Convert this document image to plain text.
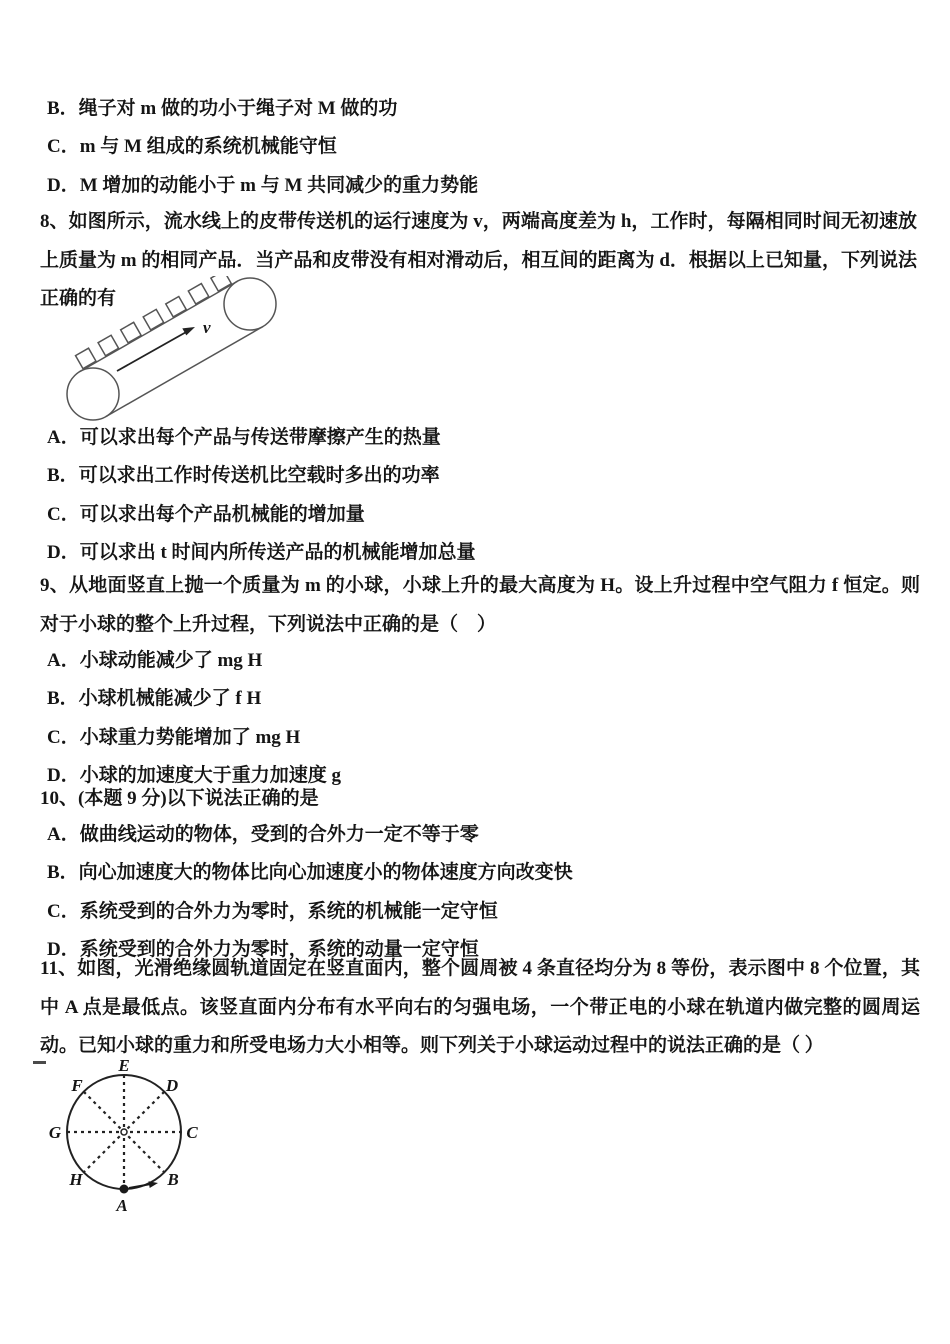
B．绳子对 m 做的功小于绳子对 M 做的功
C．m 与 M 组成的系统机械能守恒
D．M 增加的动能小于 m 与 M 共同减少的重力势能
8、如图所示，流水线上的皮带传送机的运行速度为 v，两端高度差为 h，工作时，每隔相同时间无初速放上质量为 m 的相同产品．当产品和皮带没有相对滑动后，相互间的距离为 d．根据以上已知量，下列说法正确的有
v
A．可以求出每个产品与传送带摩擦产生的热量
B．可以求出工作时传送机比空载时多出的功率
C．可以求出每个产品机械能的增加量
D．可以求出 t 时间内所传送产品的机械能增加总量
9、从地面竖直上抛一个质量为 m 的小球，小球上升的最大高度为 H。设上升过程中空气阻力 f 恒定。则对于小球的整个上升过程，下列说法中正确的是（　）
A．小球动能减少了 mg H
B．小球机械能减少了 f H
C．小球重力势能增加了 mg H
D．小球的加速度大于重力加速度 g
10、(本题 9 分)以下说法正确的是
A．做曲线运动的物体，受到的合外力一定不等于零
B．向心加速度大的物体比向心加速度小的物体速度方向改变快
C．系统受到的合外力为零时，系统的机械能一定守恒
D．系统受到的合外力为零时，系统的动量一定守恒
11、如图，光滑绝缘圆轨道固定在竖直面内，整个圆周被 4 条直径均分为 8 等份，表示图中 8 个位置，其中 A 点是最低点。该竖直面内分布有水平向右的匀强电场，一个带正电的小球在轨道内做完整的圆周运动。已知小球的重力和所受电场力大小相等。则下列关于小球运动过程中的说法正确的是（ ）
E
D
C
B
A
H
G
F
